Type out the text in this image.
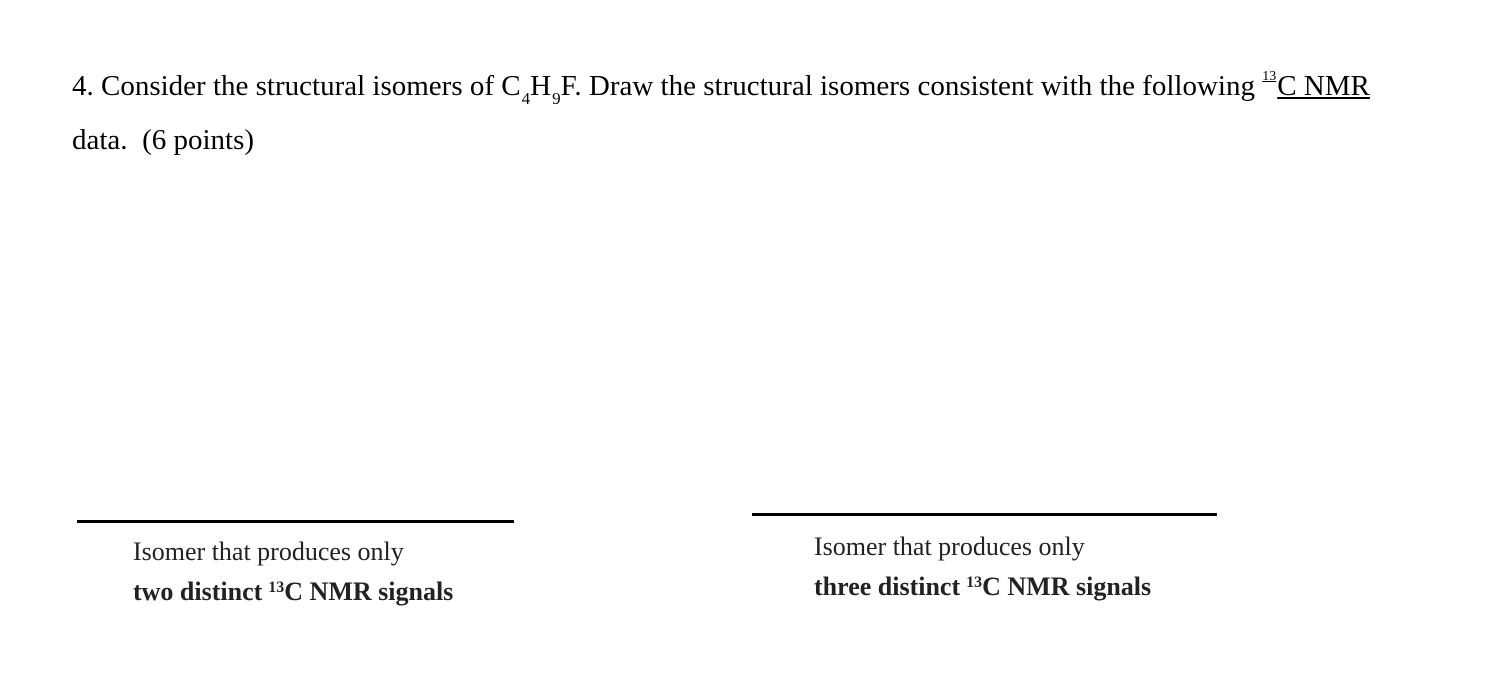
4. Consider the structural isomers of $C_4H_9F$. Draw the structural isomers consistent with the following $^{13}$C NMR
data. (6 points)

Isomer that produces only
two distinct $^{13}$C NMR signals
Isomer that produces only
three distinct $^{13}$C NMR signals
